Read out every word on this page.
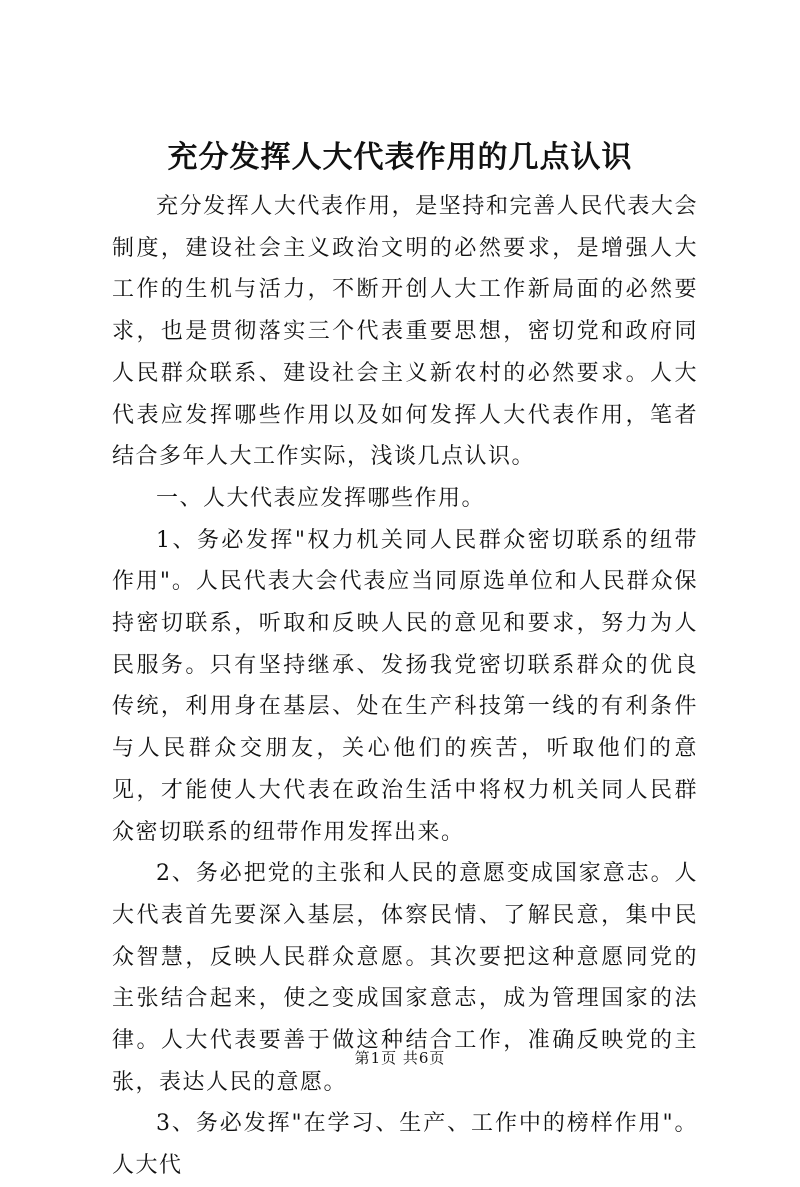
充分发挥人大代表作用的几点认识

充分发挥人大代表作用，是坚持和完善人民代表大会制度，建设社会主义政治文明的必然要求，是增强人大工作的生机与活力，不断开创人大工作新局面的必然要求，也是贯彻落实三个代表重要思想，密切党和政府同人民群众联系、建设社会主义新农村的必然要求。人大代表应发挥哪些作用以及如何发挥人大代表作用，笔者结合多年人大工作实际，浅谈几点认识。

一、人大代表应发挥哪些作用。

1、务必发挥"权力机关同人民群众密切联系的纽带作用"。人民代表大会代表应当同原选单位和人民群众保持密切联系，听取和反映人民的意见和要求，努力为人民服务。只有坚持继承、发扬我党密切联系群众的优良传统，利用身在基层、处在生产科技第一线的有利条件与人民群众交朋友，关心他们的疾苦，听取他们的意见，才能使人大代表在政治生活中将权力机关同人民群众密切联系的纽带作用发挥出来。

2、务必把党的主张和人民的意愿变成国家意志。人大代表首先要深入基层，体察民情、了解民意，集中民众智慧，反映人民群众意愿。其次要把这种意愿同党的主张结合起来，使之变成国家意志，成为管理国家的法律。人大代表要善于做这种结合工作，准确反映党的主张，表达人民的意愿。

3、务必发挥"在学习、生产、工作中的榜样作用"。人大代

第1页 共6页
